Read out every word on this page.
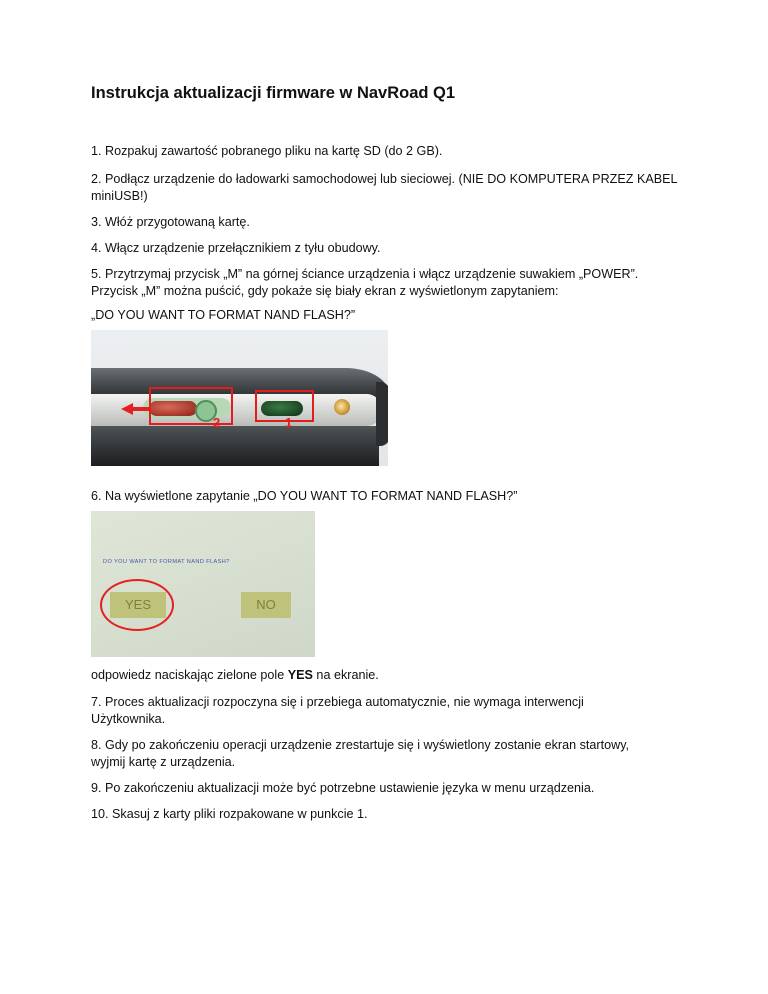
Instrukcja aktualizacji firmware w NavRoad Q1
1. Rozpakuj zawartość pobranego pliku na kartę SD (do 2 GB).
2. Podłącz urządzenie do ładowarki samochodowej lub sieciowej. (NIE DO KOMPUTERA PRZEZ KABEL
miniUSB!)
3. Włóż przygotowaną kartę.
4. Włącz urządzenie przełącznikiem z tyłu obudowy.
5. Przytrzymaj przycisk „M” na górnej ściance urządzenia i włącz urządzenie suwakiem „POWER”.
Przycisk „M” można puścić, gdy pokaże się biały ekran z wyświetlonym zapytaniem:
„DO YOU WANT TO FORMAT NAND FLASH?”
2	1
6. Na wyświetlone zapytanie „DO YOU WANT TO FORMAT NAND FLASH?”
DO YOU WANT TO FORMAT NAND FLASH?
YES	NO
odpowiedz naciskając zielone pole YES na ekranie.
7. Proces aktualizacji rozpoczyna się i przebiega automatycznie, nie wymaga interwencji
Użytkownika.
8. Gdy po zakończeniu operacji urządzenie zrestartuje się i wyświetlony zostanie ekran startowy,
wyjmij kartę z urządzenia.
9. Po zakończeniu aktualizacji może być potrzebne ustawienie języka w menu urządzenia.
10. Skasuj z karty pliki rozpakowane w punkcie 1.
